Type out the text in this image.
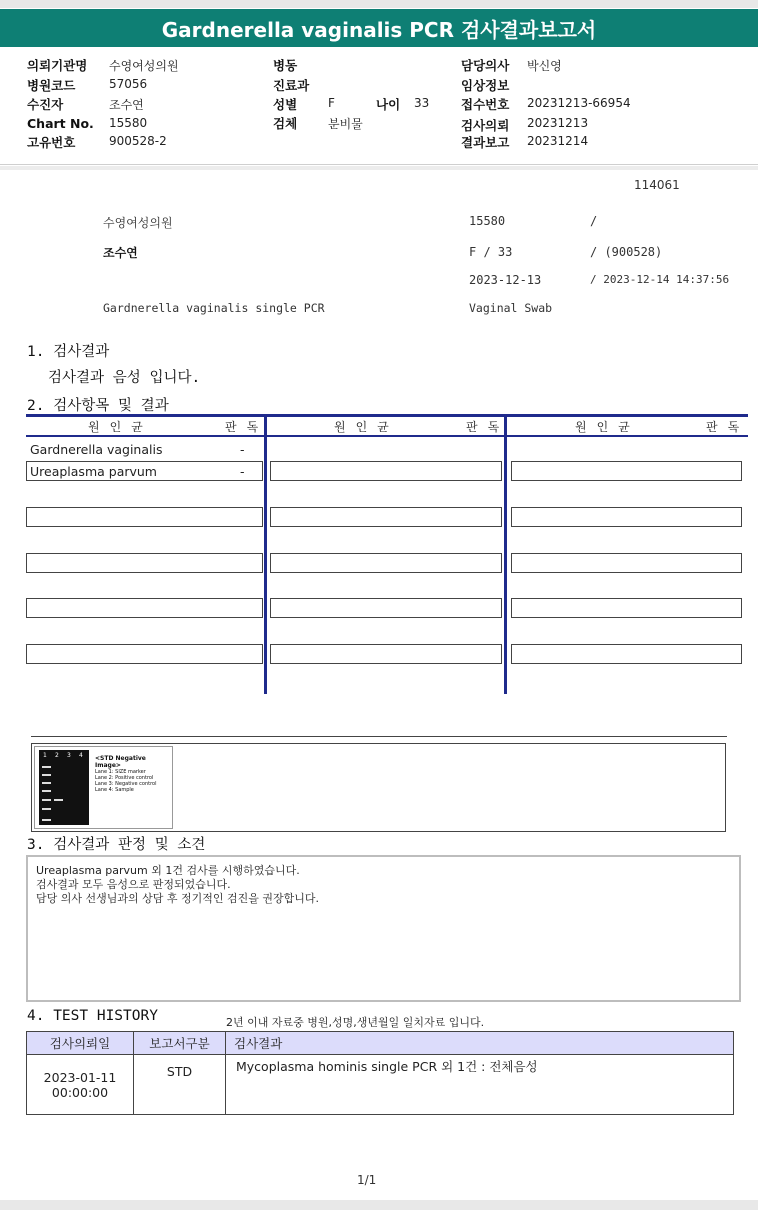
Gardnerella vaginalis PCR 검사결과보고서
의뢰기관명 수영여성의원
병원코드	57056
수진자	조수연
Chart No. 15580
고유번호	900528-2
병동
진료과
성별	F	나이 33
검체	분비물
담당의사 박신영
임상정보
접수번호 20231213-66954
검사의뢰 20231213
결과보고 20231214
114061
수영여성의원	15580	/
조수연	F / 33	/ (900528)
2023-12-13	/ 2023-12-14 14:37:56
Gardnerella vaginalis single PCR	Vaginal Swab
1. 검사결과
검사결과 음성 입니다.
2. 검사항목 및 결과
원인균	판독	원인균	판독	원인균	판독
Gardnerella vaginalis	-
Ureaplasma parvum	-
1 2 3 4 <STD Negative Image>
Lane 1: SIZE marker
Lane 2: Positive control
Lane 3: Negative control
Lane 4: Sample
3. 검사결과 판정 및 소견
Ureaplasma parvum 외 1건 검사를 시행하였습니다.
검사결과 모두 음성으로 판정되었습니다.
담당 의사 선생님과의 상담 후 정기적인 검진을 권장합니다.
4. TEST HISTORY	2년 이내 자료중 병원,성명,생년월일 일치자료 입니다.
검사의뢰일	보고서구분	검사결과

2023-01-11
00:00:00	STD	Mycoplasma hominis single PCR 외 1건 : 전체음성
1/1
